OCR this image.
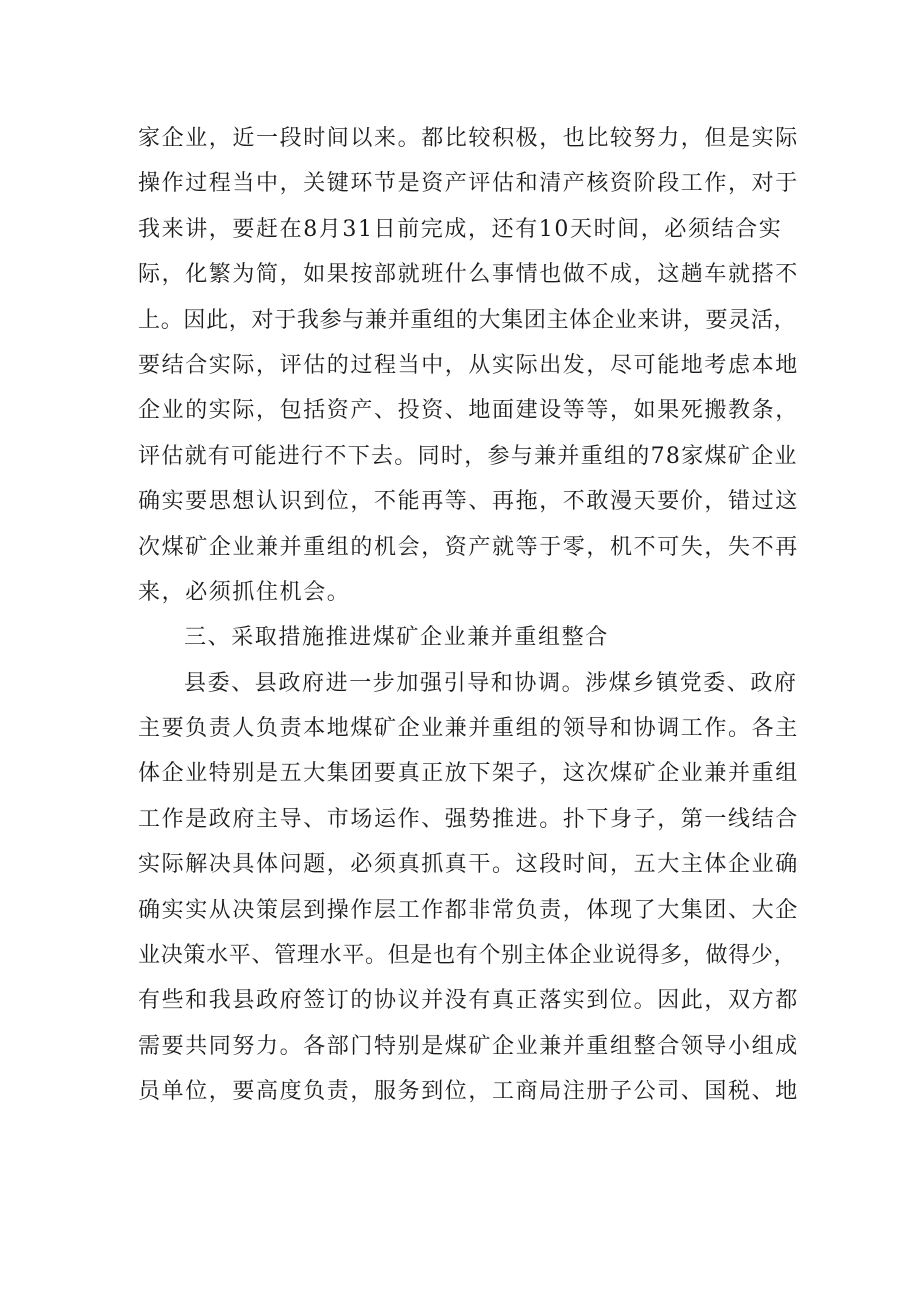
家企业，近一段时间以来。都比较积极，也比较努力，但是实际
操作过程当中，关键环节是资产评估和清产核资阶段工作，对于
我来讲，要赶在8月31日前完成，还有10天时间，必须结合实
际，化繁为简，如果按部就班什么事情也做不成，这趟车就搭不
上。因此，对于我参与兼并重组的大集团主体企业来讲，要灵活，
要结合实际，评估的过程当中，从实际出发，尽可能地考虑本地
企业的实际，包括资产、投资、地面建设等等，如果死搬教条，
评估就有可能进行不下去。同时，参与兼并重组的78家煤矿企业
确实要思想认识到位，不能再等、再拖，不敢漫天要价，错过这
次煤矿企业兼并重组的机会，资产就等于零，机不可失，失不再
来，必须抓住机会。
三、采取措施推进煤矿企业兼并重组整合
县委、县政府进一步加强引导和协调。涉煤乡镇党委、政府
主要负责人负责本地煤矿企业兼并重组的领导和协调工作。各主
体企业特别是五大集团要真正放下架子，这次煤矿企业兼并重组
工作是政府主导、市场运作、强势推进。扑下身子，第一线结合
实际解决具体问题，必须真抓真干。这段时间，五大主体企业确
确实实从决策层到操作层工作都非常负责，体现了大集团、大企
业决策水平、管理水平。但是也有个别主体企业说得多，做得少，
有些和我县政府签订的协议并没有真正落实到位。因此，双方都
需要共同努力。各部门特别是煤矿企业兼并重组整合领导小组成
员单位，要高度负责，服务到位，工商局注册子公司、国税、地
